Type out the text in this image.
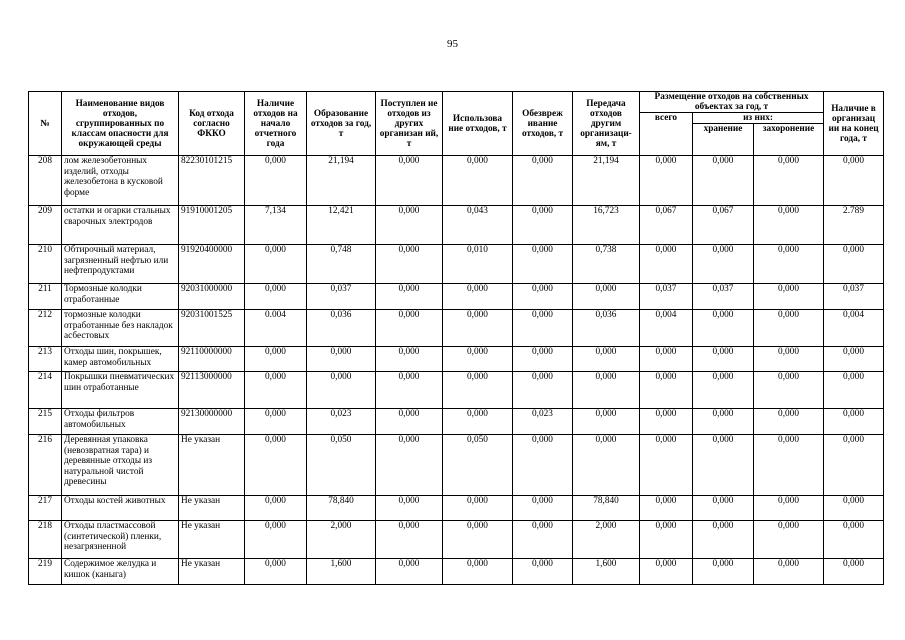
95
№	Наименование видов отходов, сгруппированных по классам опасности для окружающей среды	Код отхода согласно ФККО	Наличие отходов на начало отчетного года	Образование отходов за год, т	Поступлен ие отходов из других организан ий, т	Использова ние отходов, т	Обезвреж ивание отходов, т	Передача отходов другим организаци-ям, т	Размещение отходов на собственных объектах за год, т			Наличие в организац ии на конец года, т
									всего	из них:		
										хранение	захоронение	
208	лом железобетонных изделий, отходы железобетона в кусковой форме	82230101215	0,000	21,194	0,000	0,000	0,000	21,194	0,000	0,000	0,000	0,000
209	остатки и огарки стальных сварочных электродов	91910001205	7,134	12,421	0,000	0,043	0,000	16,723	0,067	0,067	0,000	2.789
210	Обтирочный материал, загрязненный нефтью или нефтепродуктами	91920400000	0,000	0,748	0,000	0,010	0,000	0,738	0,000	0,000	0,000	0,000
211	Тормозные колодки отработанные	92031000000	0,000	0,037	0,000	0,000	0,000	0,000	0,037	0,037	0,000	0,037
212	тормозные колодки отработанные без накладок асбестовых	92031001525	0.004	0,036	0,000	0,000	0,000	0,036	0,004	0,000	0,000	0,004
213	Отходы шин, покрышек, камер автомобильных	92110000000	0,000	0,000	0,000	0,000	0,000	0,000	0,000	0,000	0,000	0,000
214	Покрышки пневматических шин отработанные	92113000000	0,000	0,000	0,000	0,000	0,000	0,000	0,000	0,000	0,000	0,000
215	Отходы фильтров автомобильных	92130000000	0,000	0,023	0,000	0,000	0,023	0,000	0,000	0,000	0,000	0,000
216	Деревянная упаковка (невозвратная тара) и деревянные отходы из натуральной чистой древесины	Не указан	0,000	0,050	0,000	0,050	0,000	0,000	0,000	0,000	0,000	0,000
217	Отходы костей животных	Не указан	0,000	78,840	0,000	0,000	0,000	78,840	0,000	0,000	0,000	0,000
218	Отходы пластмассовой (синтетической) пленки, незагрязненной	Не указан	0,000	2,000	0,000	0,000	0,000	2,000	0,000	0,000	0,000	0,000
219	Содержимое желудка и кишок (каныга)	Не указан	0,000	1,600	0,000	0,000	0,000	1,600	0,000	0,000	0,000	0,000
